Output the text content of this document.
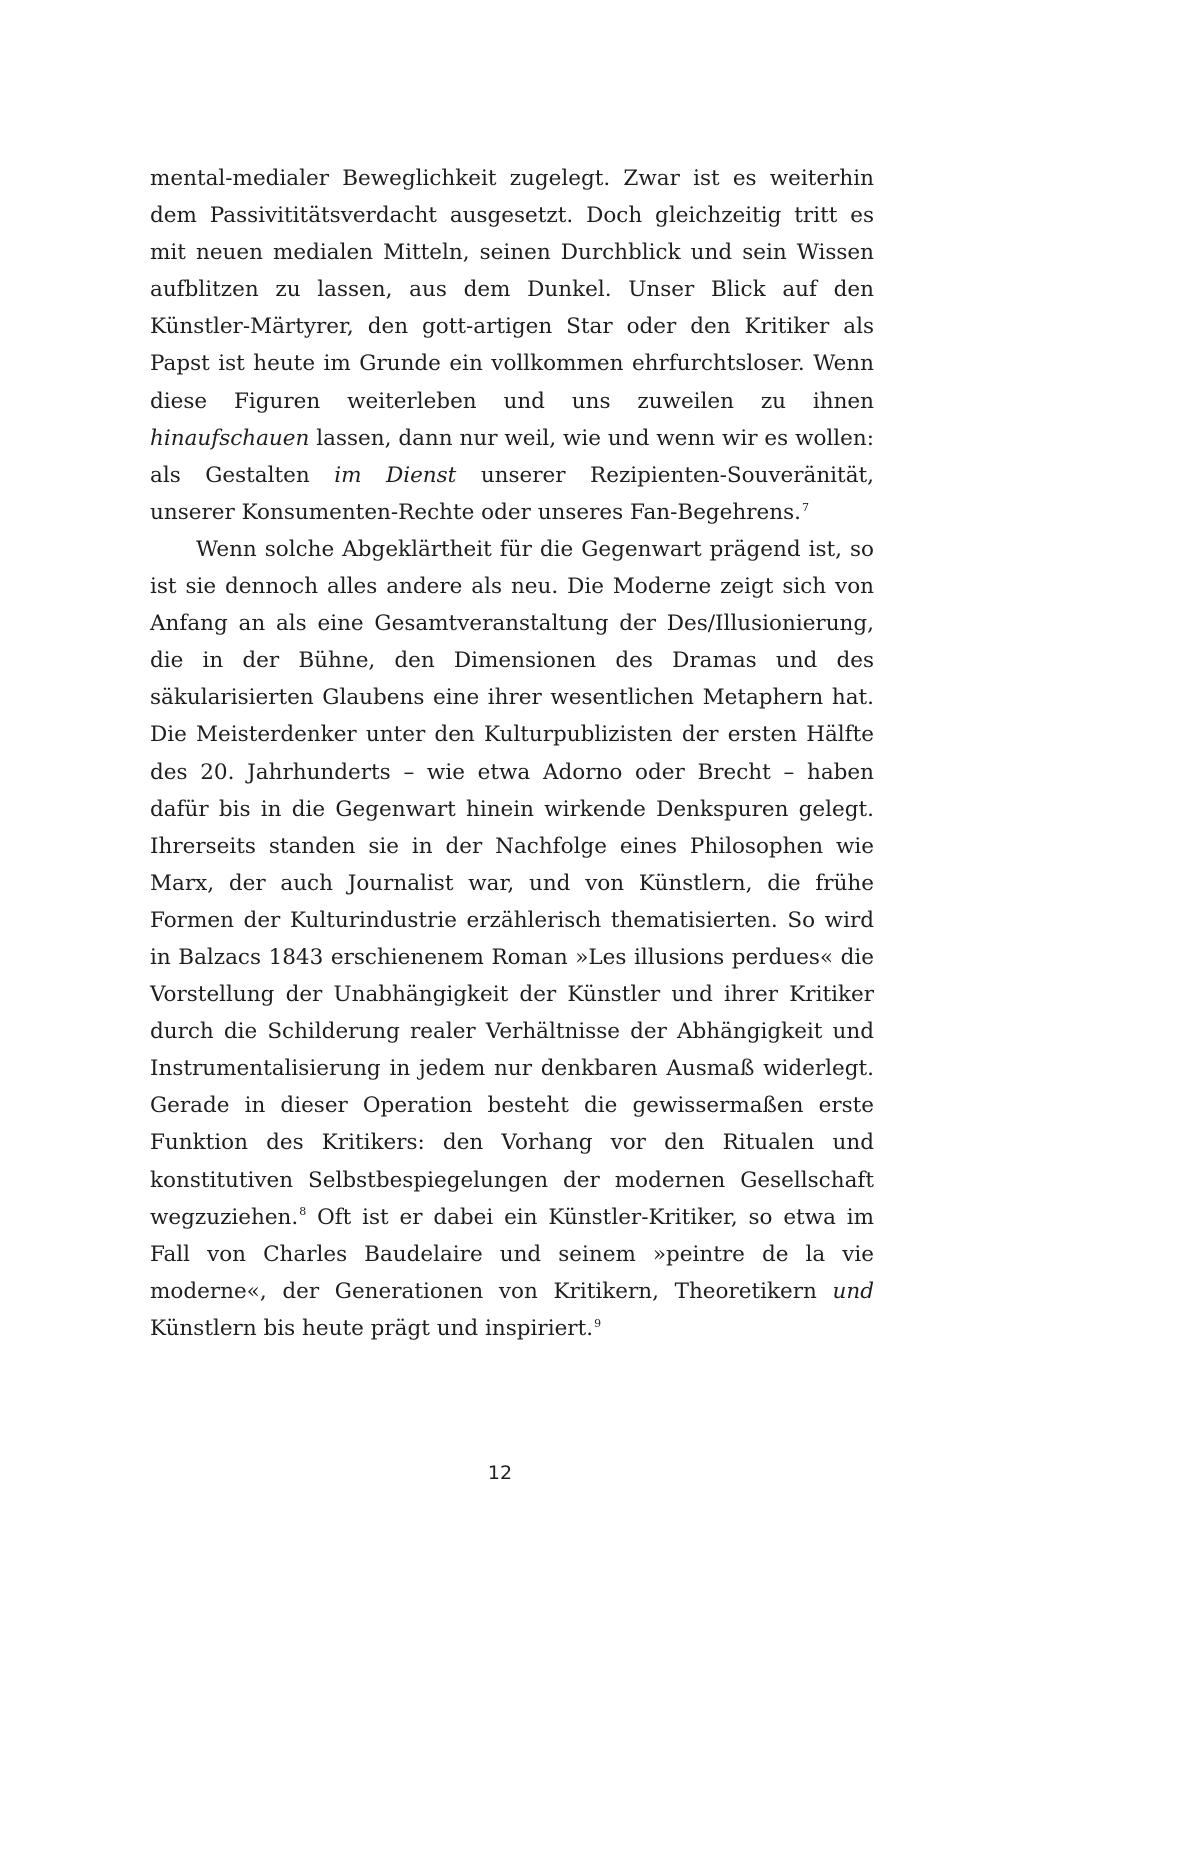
mental-medialer Beweglichkeit zugelegt. Zwar ist es weiterhin dem Passivititätsverdacht ausgesetzt. Doch gleichzeitig tritt es mit neuen medialen Mitteln, seinen Durchblick und sein Wissen aufblitzen zu lassen, aus dem Dunkel. Unser Blick auf den Künstler-Märtyrer, den gott-artigen Star oder den Kritiker als Papst ist heute im Grunde ein vollkommen ehrfurchtsloser. Wenn diese Figuren weiterleben und uns zuweilen zu ihnen hinaufschauen lassen, dann nur weil, wie und wenn wir es wollen: als Gestalten im Dienst unserer Rezipienten-Souveränität, unserer Konsumenten-Rechte oder unseres Fan-Begehrens.$^7$

Wenn solche Abgeklärtheit für die Gegenwart prägend ist, so ist sie dennoch alles andere als neu. Die Moderne zeigt sich von Anfang an als eine Gesamtveranstaltung der Des/Illusionierung, die in der Bühne, den Dimensionen des Dramas und des säkularisierten Glaubens eine ihrer wesentlichen Metaphern hat. Die Meisterdenker unter den Kulturpublizisten der ersten Hälfte des 20. Jahrhunderts – wie etwa Adorno oder Brecht – haben dafür bis in die Gegenwart hinein wirkende Denkspuren gelegt. Ihrerseits standen sie in der Nachfolge eines Philosophen wie Marx, der auch Journalist war, und von Künstlern, die frühe Formen der Kulturindustrie erzählerisch thematisierten. So wird in Balzacs 1843 erschienenem Roman »Les illusions perdues« die Vorstellung der Unabhängigkeit der Künstler und ihrer Kritiker durch die Schilderung realer Verhältnisse der Abhängigkeit und Instrumentalisierung in jedem nur denkbaren Ausmaß widerlegt. Gerade in dieser Operation besteht die gewissermaßen erste Funktion des Kritikers: den Vorhang vor den Ritualen und konstitutiven Selbstbespiegelungen der modernen Gesellschaft wegzuziehen.$^8$ Oft ist er dabei ein Künstler-Kritiker, so etwa im Fall von Charles Baudelaire und seinem »peintre de la vie moderne«, der Generationen von Kritikern, Theoretikern und Künstlern bis heute prägt und inspiriert.$^9$

12
